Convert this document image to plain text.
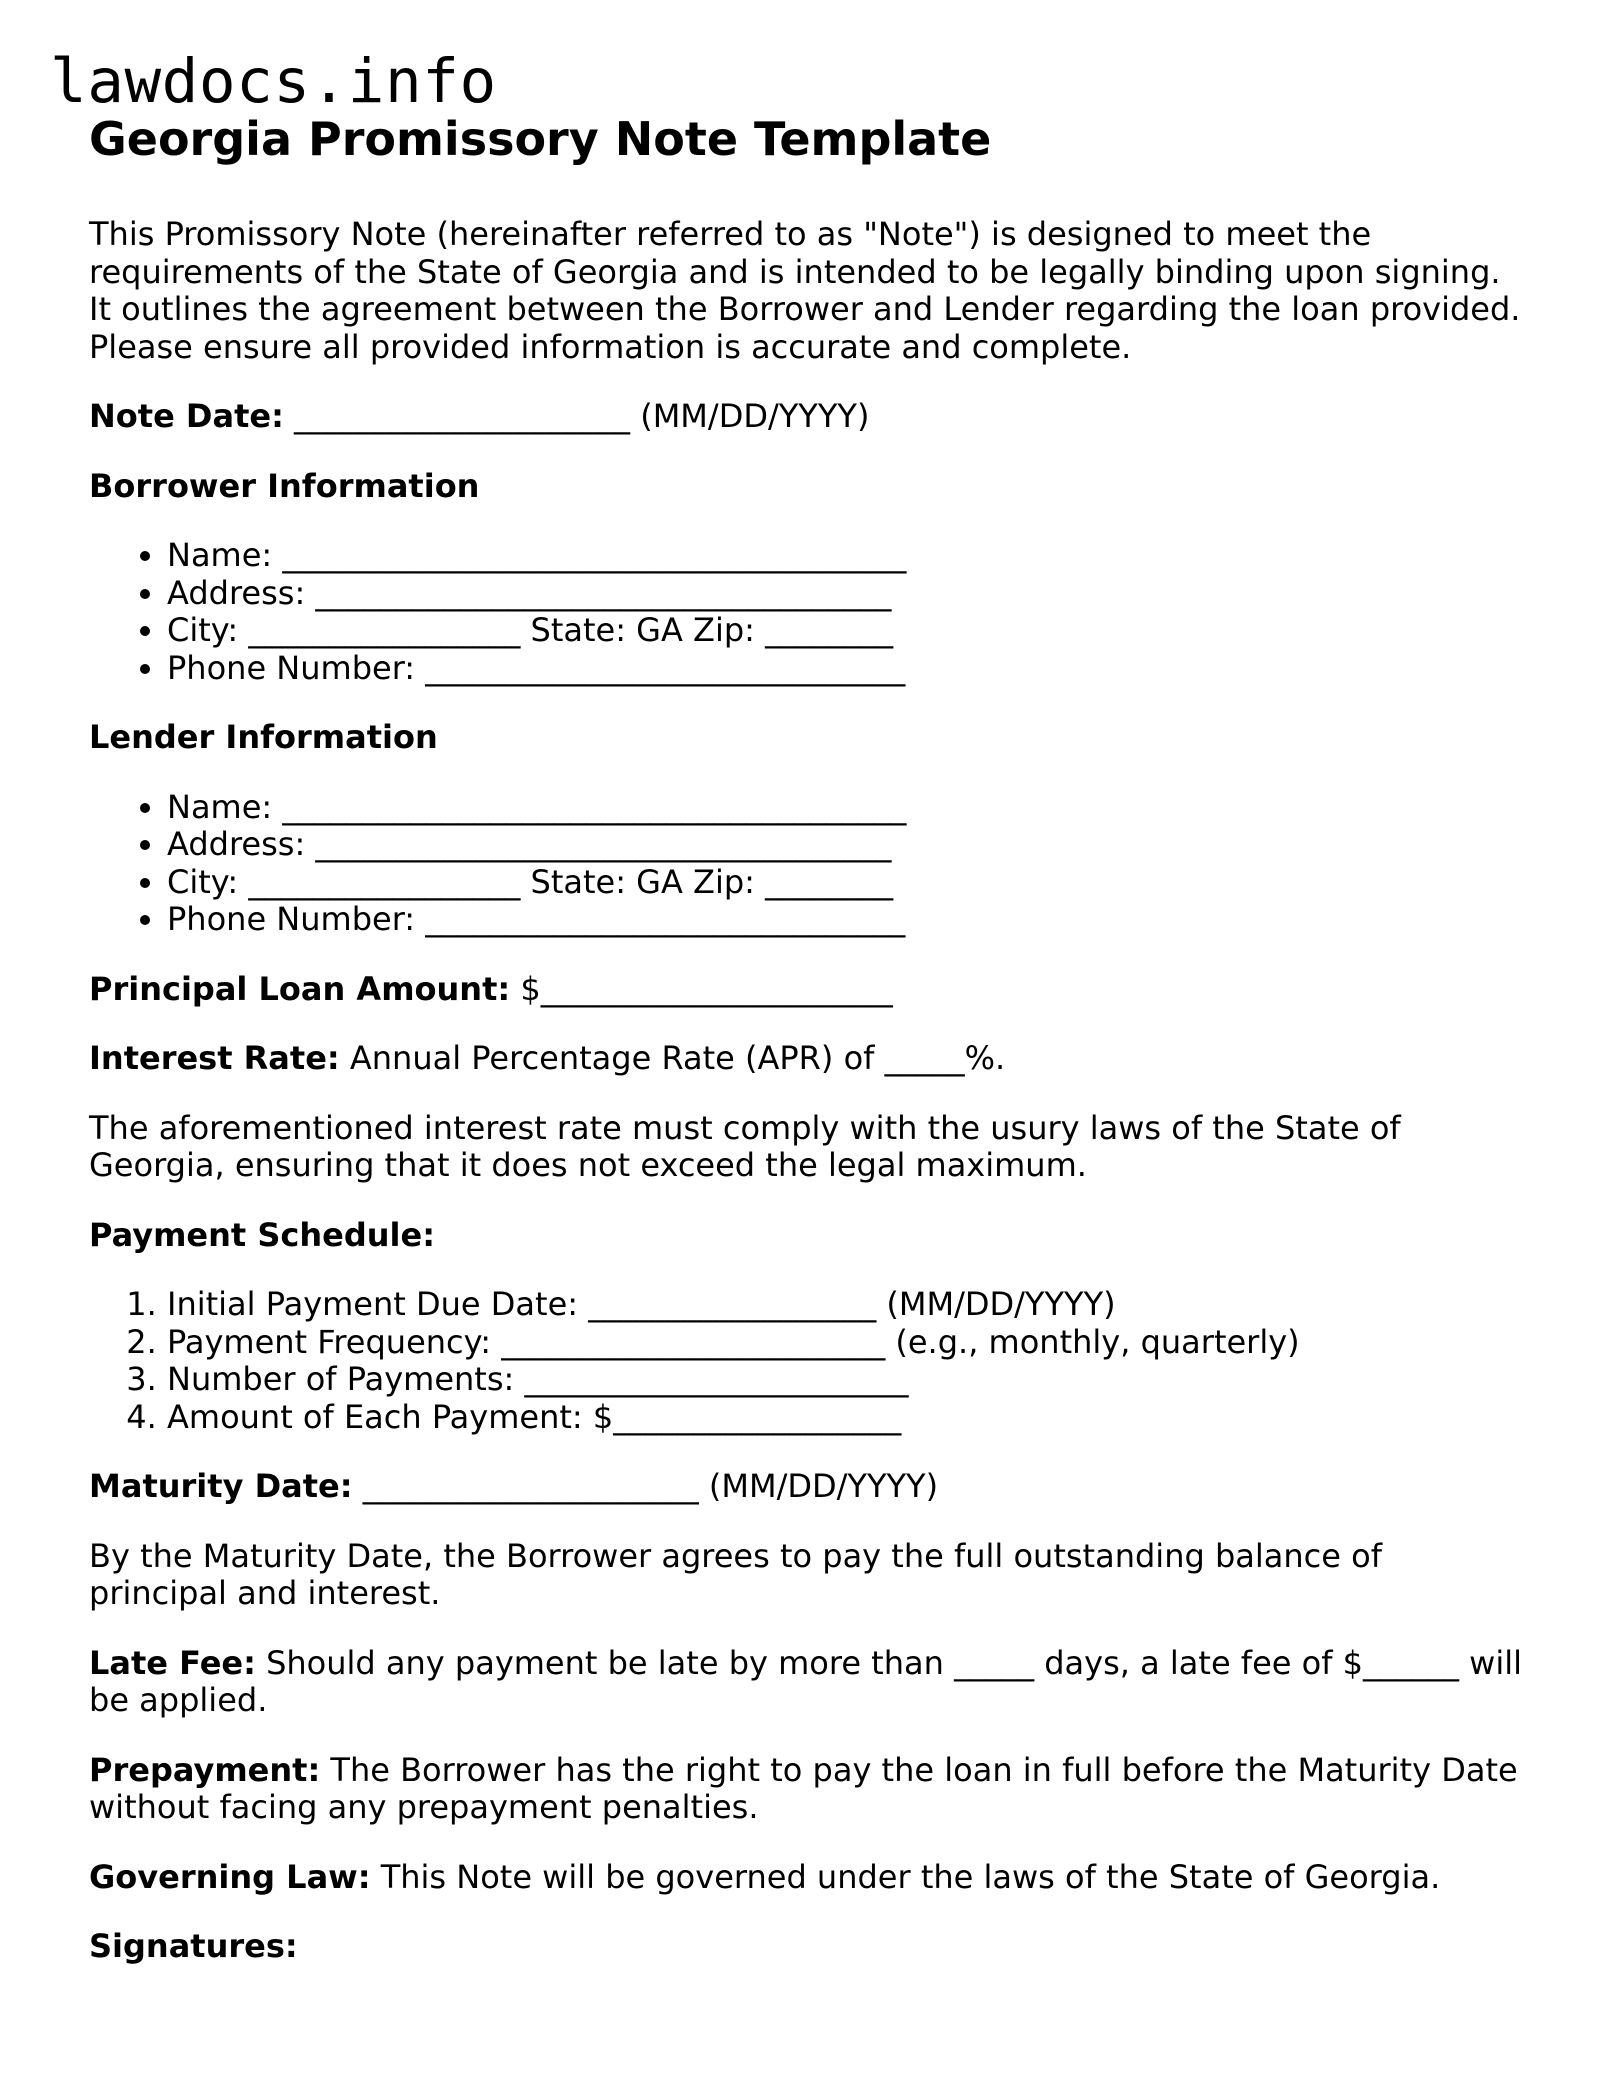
lawdocs.info
Georgia Promissory Note Template

This Promissory Note (hereinafter referred to as "Note") is designed to meet the requirements of the State of Georgia and is intended to be legally binding upon signing. It outlines the agreement between the Borrower and Lender regarding the loan provided. Please ensure all provided information is accurate and complete.

Note Date: _____________________ (MM/DD/YYYY)

Borrower Information

• Name: _______________________________________
• Address: ____________________________________
• City: _________________ State: GA Zip: ________
• Phone Number: ______________________________

Lender Information

• Name: _______________________________________
• Address: ____________________________________
• City: _________________ State: GA Zip: ________
• Phone Number: ______________________________

Principal Loan Amount: $______________________

Interest Rate: Annual Percentage Rate (APR) of _____%.

The aforementioned interest rate must comply with the usury laws of the State of Georgia, ensuring that it does not exceed the legal maximum.

Payment Schedule:

1. Initial Payment Due Date: __________________ (MM/DD/YYYY)
2. Payment Frequency: ________________________ (e.g., monthly, quarterly)
3. Number of Payments: ________________________
4. Amount of Each Payment: $__________________

Maturity Date: _____________________ (MM/DD/YYYY)

By the Maturity Date, the Borrower agrees to pay the full outstanding balance of principal and interest.

Late Fee: Should any payment be late by more than _____ days, a late fee of $______ will be applied.

Prepayment: The Borrower has the right to pay the loan in full before the Maturity Date without facing any prepayment penalties.

Governing Law: This Note will be governed under the laws of the State of Georgia.

Signatures:
